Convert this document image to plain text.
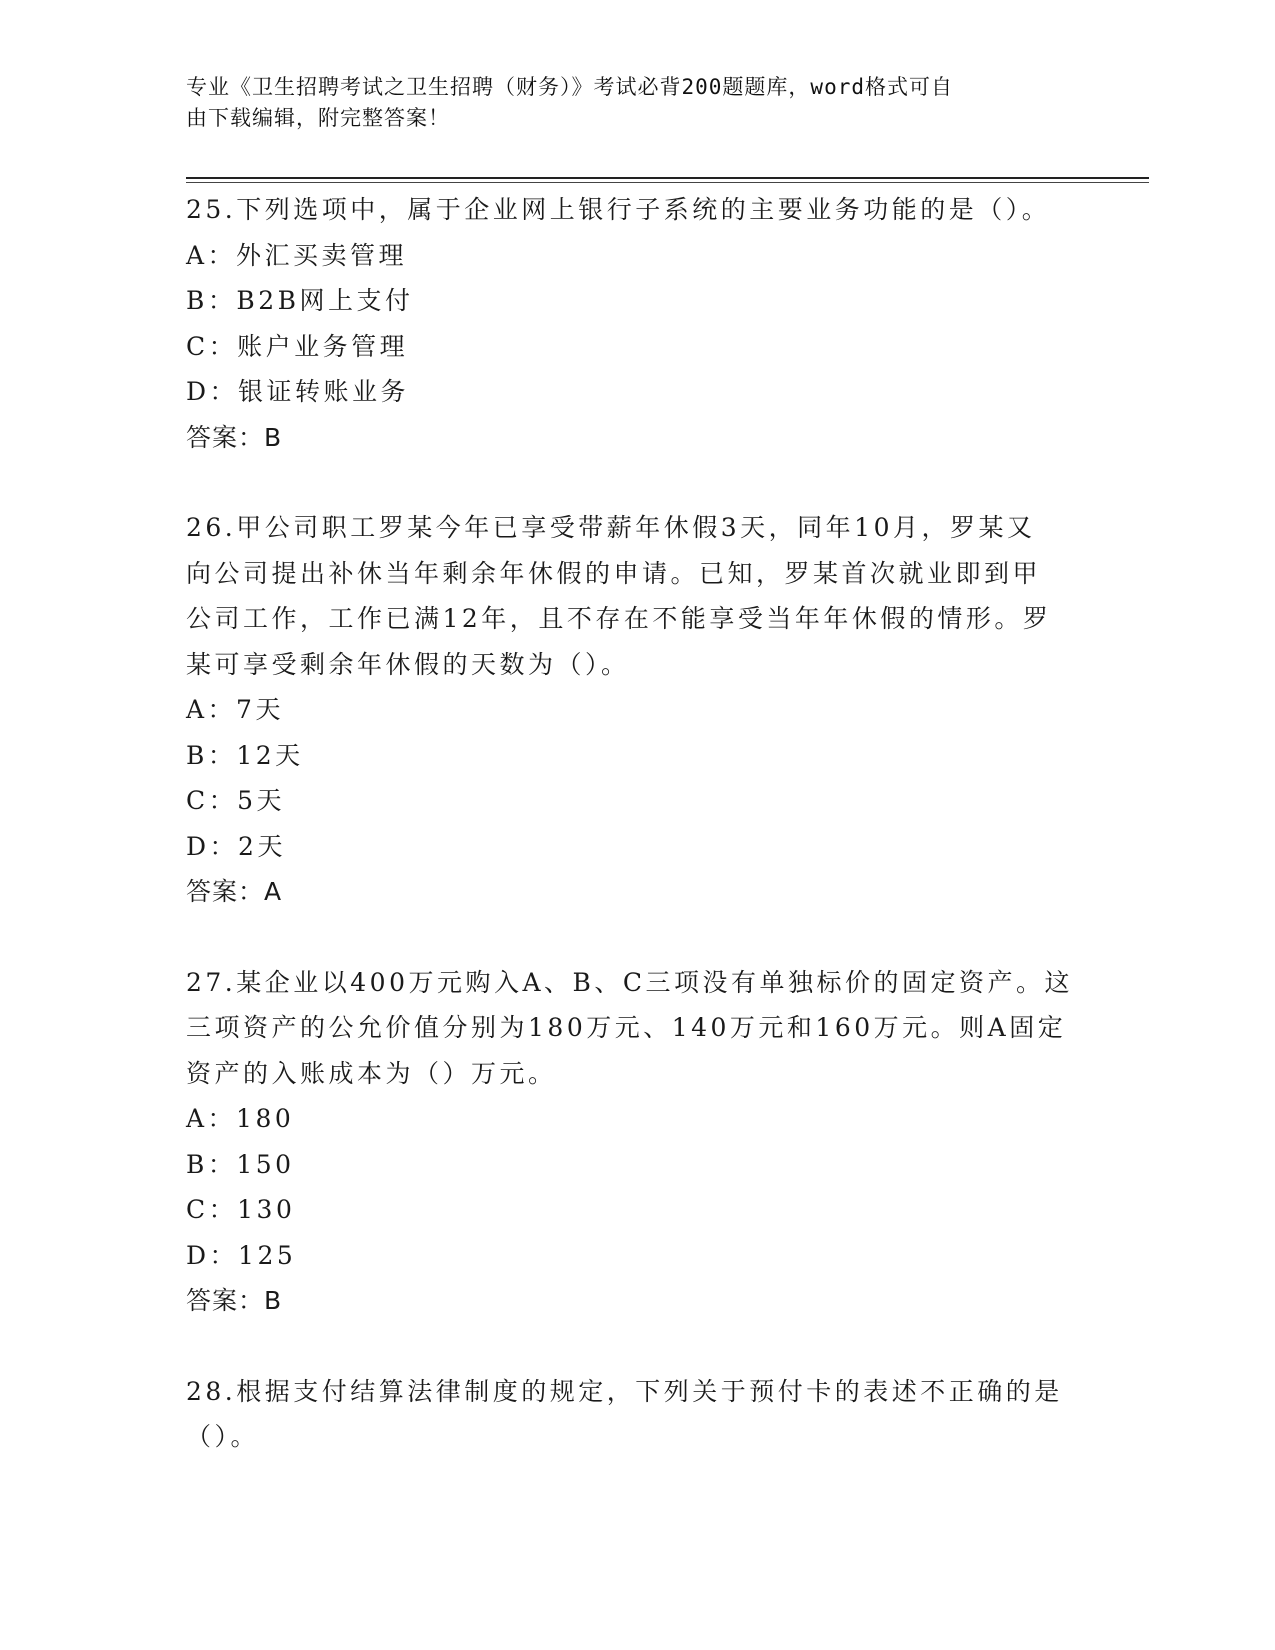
专业《卫生招聘考试之卫生招聘（财务）》考试必背200题题库，word格式可自
由下载编辑，附完整答案！
25.下列选项中，属于企业网上银行子系统的主要业务功能的是（）。
A：外汇买卖管理
B：B2B网上支付
C：账户业务管理
D：银证转账业务
答案：B
26.甲公司职工罗某今年已享受带薪年休假3天，同年10月，罗某又
向公司提出补休当年剩余年休假的申请。已知，罗某首次就业即到甲
公司工作，工作已满12年，且不存在不能享受当年年休假的情形。罗
某可享受剩余年休假的天数为（）。
A：7天
B：12天
C：5天
D：2天
答案：A
27.某企业以400万元购入A、B、C三项没有单独标价的固定资产。这
三项资产的公允价值分别为180万元、140万元和160万元。则A固定
资产的入账成本为（）万元。
A：180
B：150
C：130
D：125
答案：B
28.根据支付结算法律制度的规定，下列关于预付卡的表述不正确的是
（）。
